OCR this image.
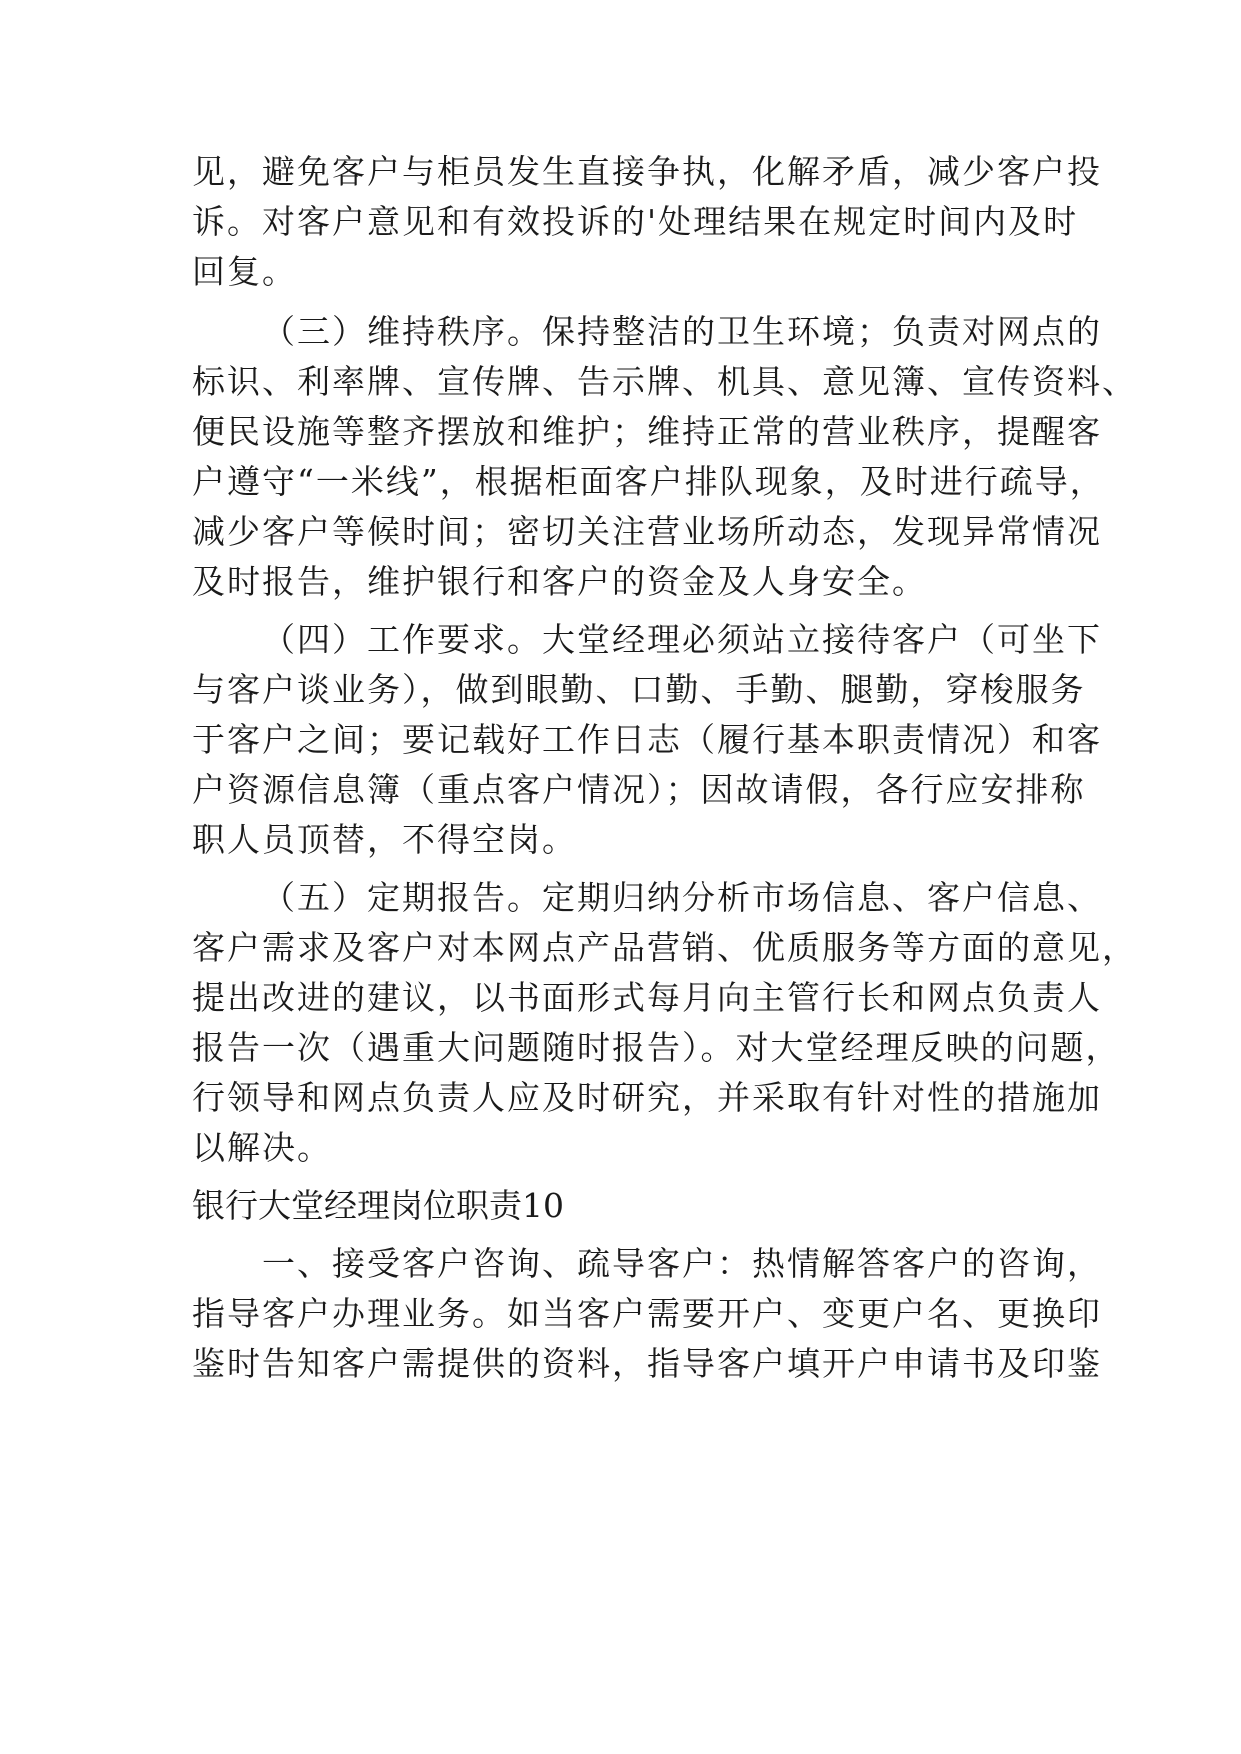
见，避免客户与柜员发生直接争执，化解矛盾，减少客户投
诉。对客户意见和有效投诉的'处理结果在规定时间内及时
回复。
（三）维持秩序。保持整洁的卫生环境；负责对网点的
标识、利率牌、宣传牌、告示牌、机具、意见簿、宣传资料、
便民设施等整齐摆放和维护；维持正常的营业秩序，提醒客
户遵守“一米线”，根据柜面客户排队现象，及时进行疏导，
减少客户等候时间；密切关注营业场所动态，发现异常情况
及时报告，维护银行和客户的资金及人身安全。
（四）工作要求。大堂经理必须站立接待客户（可坐下
与客户谈业务），做到眼勤、口勤、手勤、腿勤，穿梭服务
于客户之间；要记载好工作日志（履行基本职责情况）和客
户资源信息簿（重点客户情况）；因故请假，各行应安排称
职人员顶替，不得空岗。
（五）定期报告。定期归纳分析市场信息、客户信息、
客户需求及客户对本网点产品营销、优质服务等方面的意见，
提出改进的建议，以书面形式每月向主管行长和网点负责人
报告一次（遇重大问题随时报告）。对大堂经理反映的问题，
行领导和网点负责人应及时研究，并采取有针对性的措施加
以解决。
银行大堂经理岗位职责10
一、接受客户咨询、疏导客户：热情解答客户的咨询，
指导客户办理业务。如当客户需要开户、变更户名、更换印
鉴时告知客户需提供的资料，指导客户填开户申请书及印鉴
